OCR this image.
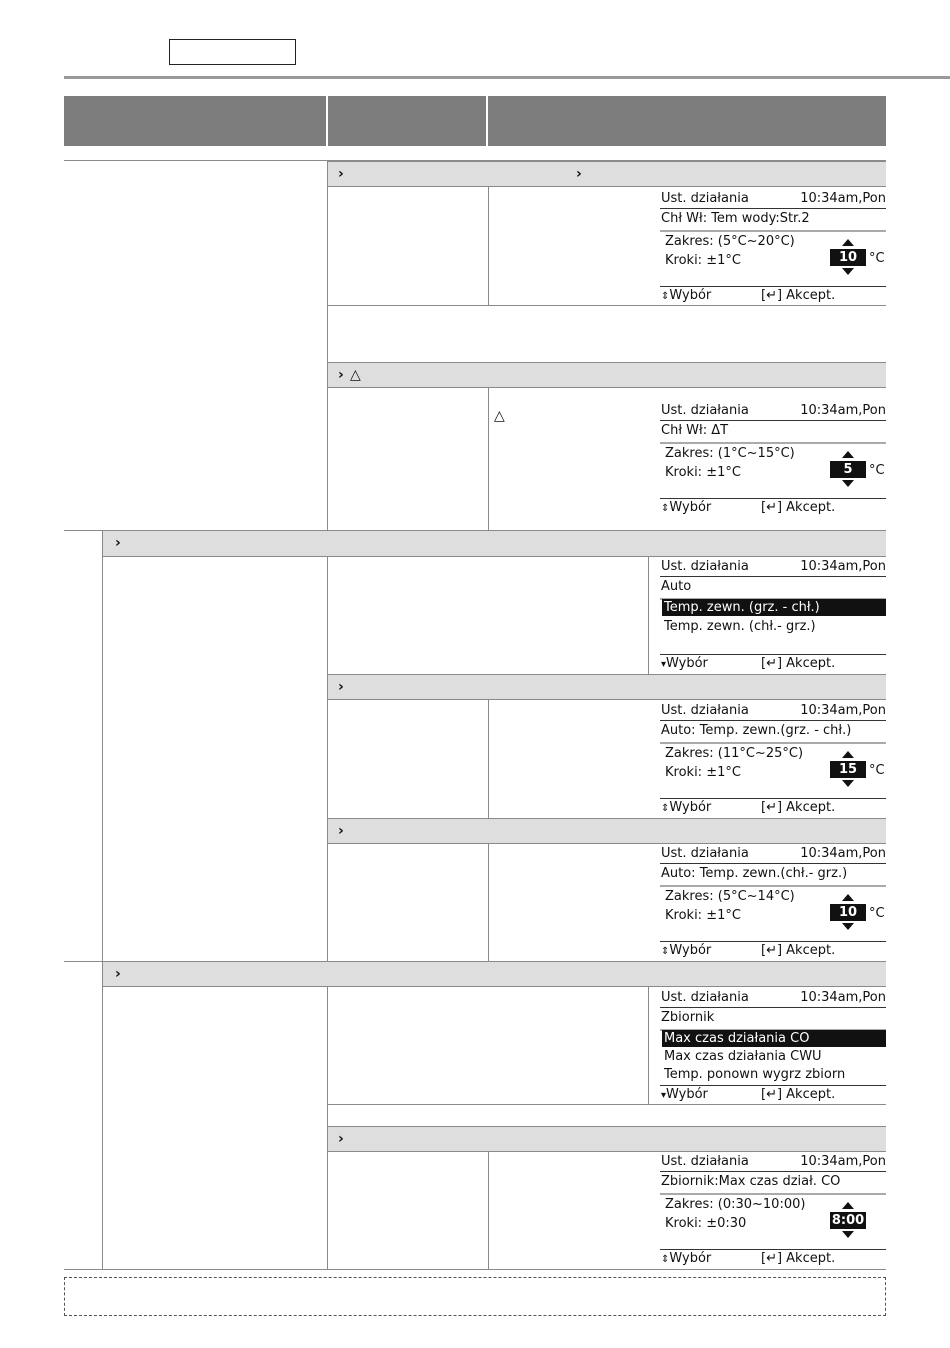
›	›
Ust. działania	10:34am,Pon
Chł Wł: Tem wody:Str.2
Zakres: (5°C~20°C)
Kroki: ±1°C	10 °C
⇕Wybór	[↵] Akcept.
› △
△	Ust. działania	10:34am,Pon
Chł Wł: ΔT
Zakres: (1°C~15°C)
Kroki: ±1°C	5	°C
⇕Wybór	[↵] Akcept.
›
Ust. działania	10:34am,Pon
Auto
Temp. zewn. (grz. - chł.)
Temp. zewn. (chł.- grz.)
▾Wybór	[↵] Akcept.
›
Ust. działania	10:34am,Pon
Auto: Temp. zewn.(grz. - chł.)
Zakres: (11°C~25°C)
Kroki: ±1°C	15 °C
⇕Wybór	[↵] Akcept.
›
Ust. działania	10:34am,Pon
Auto: Temp. zewn.(chł.- grz.)
Zakres: (5°C~14°C)
Kroki: ±1°C	10 °C
⇕Wybór	[↵] Akcept.
›
Ust. działania	10:34am,Pon
Zbiornik
Max czas działania CO
Max czas działania CWU
Temp. ponown wygrz zbiorn
▾Wybór	[↵] Akcept.
›
Ust. działania	10:34am,Pon
Zbiornik:Max czas dział. CO
Zakres: (0:30~10:00)
Kroki: ±0:30	8:00
⇕Wybór	[↵] Akcept.
